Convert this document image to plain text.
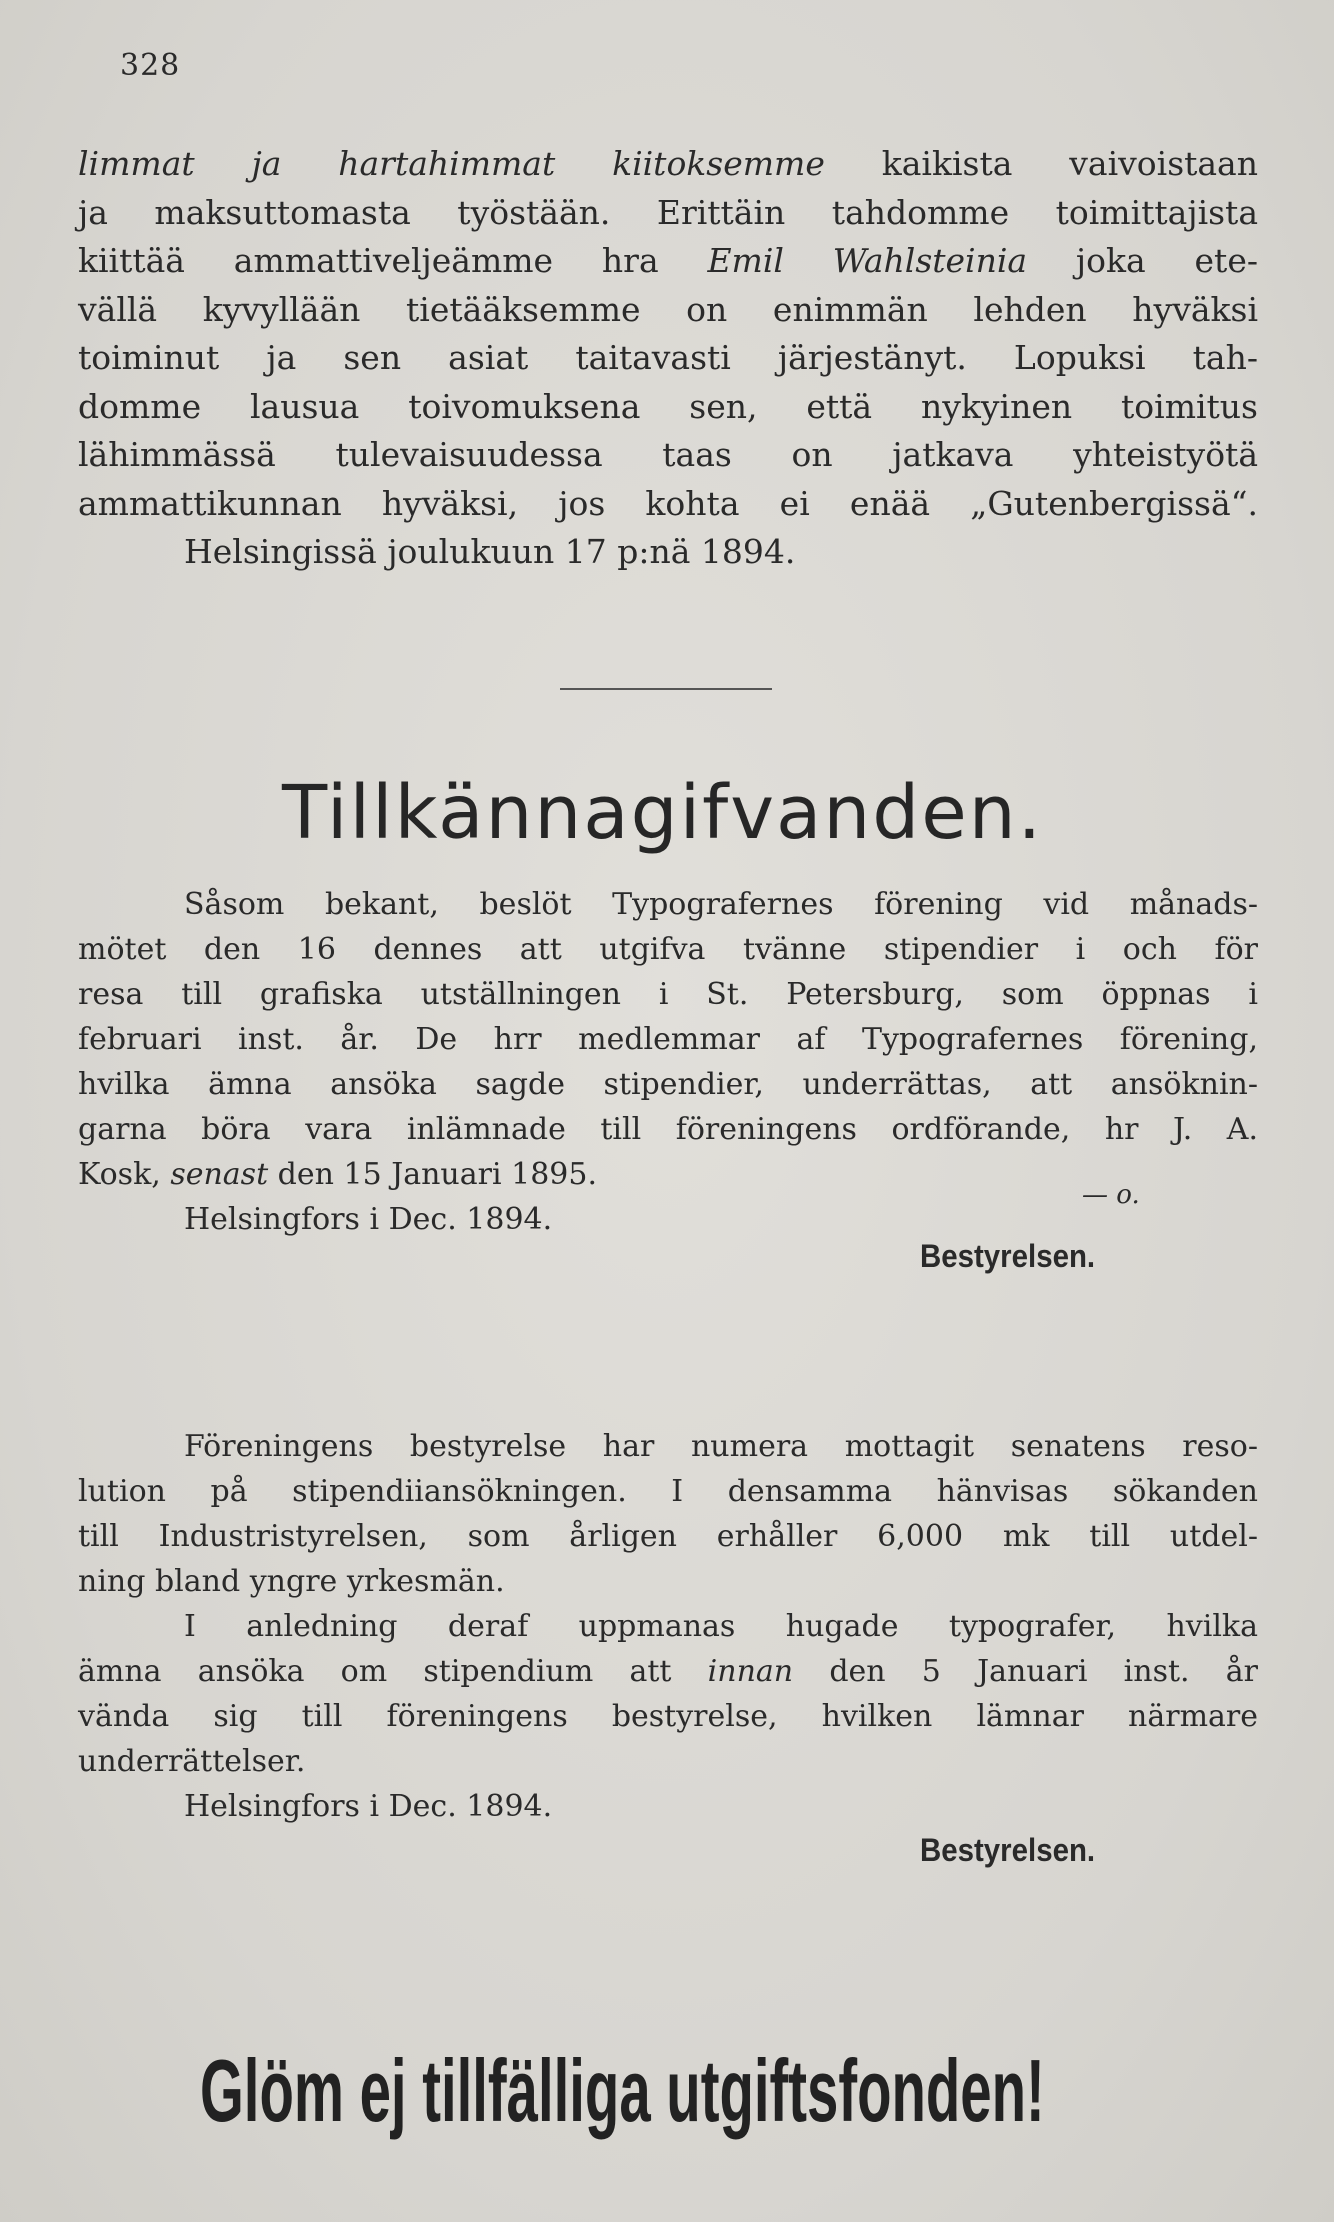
328
limmat ja hartahimmat kiitoksemme kaikista vaivoistaan
ja maksuttomasta työstään. Erittäin tahdomme toimittajista
kiittää ammattiveljeämme hra Emil Wahlsteinia joka ete-
vällä kyvyllään tietääksemme on enimmän lehden hyväksi
toiminut ja sen asiat taitavasti järjestänyt. Lopuksi tah-
domme lausua toivomuksena sen, että nykyinen toimitus
lähimmässä tulevaisuudessa taas on jatkava yhteistyötä
ammattikunnan hyväksi, jos kohta ei enää „Gutenbergissä“.
Helsingissä joulukuun 17 p:nä 1894.
— o.
Tillkännagifvanden.
Såsom bekant, beslöt Typografernes förening vid månads-
mötet den 16 dennes att utgifva tvänne stipendier i och för
resa till grafiska utställningen i St. Petersburg, som öppnas i
februari inst. år. De hrr medlemmar af Typografernes förening,
hvilka ämna ansöka sagde stipendier, underrättas, att ansöknin-
garna böra vara inlämnade till föreningens ordförande, hr J. A.
Kosk, senast den 15 Januari 1895.
Helsingfors i Dec. 1894.
Bestyrelsen.
Föreningens bestyrelse har numera mottagit senatens reso-
lution på stipendiiansökningen. I densamma hänvisas sökanden
till Industristyrelsen, som årligen erhåller 6,000 mk till utdel-
ning bland yngre yrkesmän.
I anledning deraf uppmanas hugade typografer, hvilka
ämna ansöka om stipendium att innan den 5 Januari inst. år
vända sig till föreningens bestyrelse, hvilken lämnar närmare
underrättelser.
Helsingfors i Dec. 1894.
Bestyrelsen.
Glöm ej tillfälliga utgiftsfonden!
